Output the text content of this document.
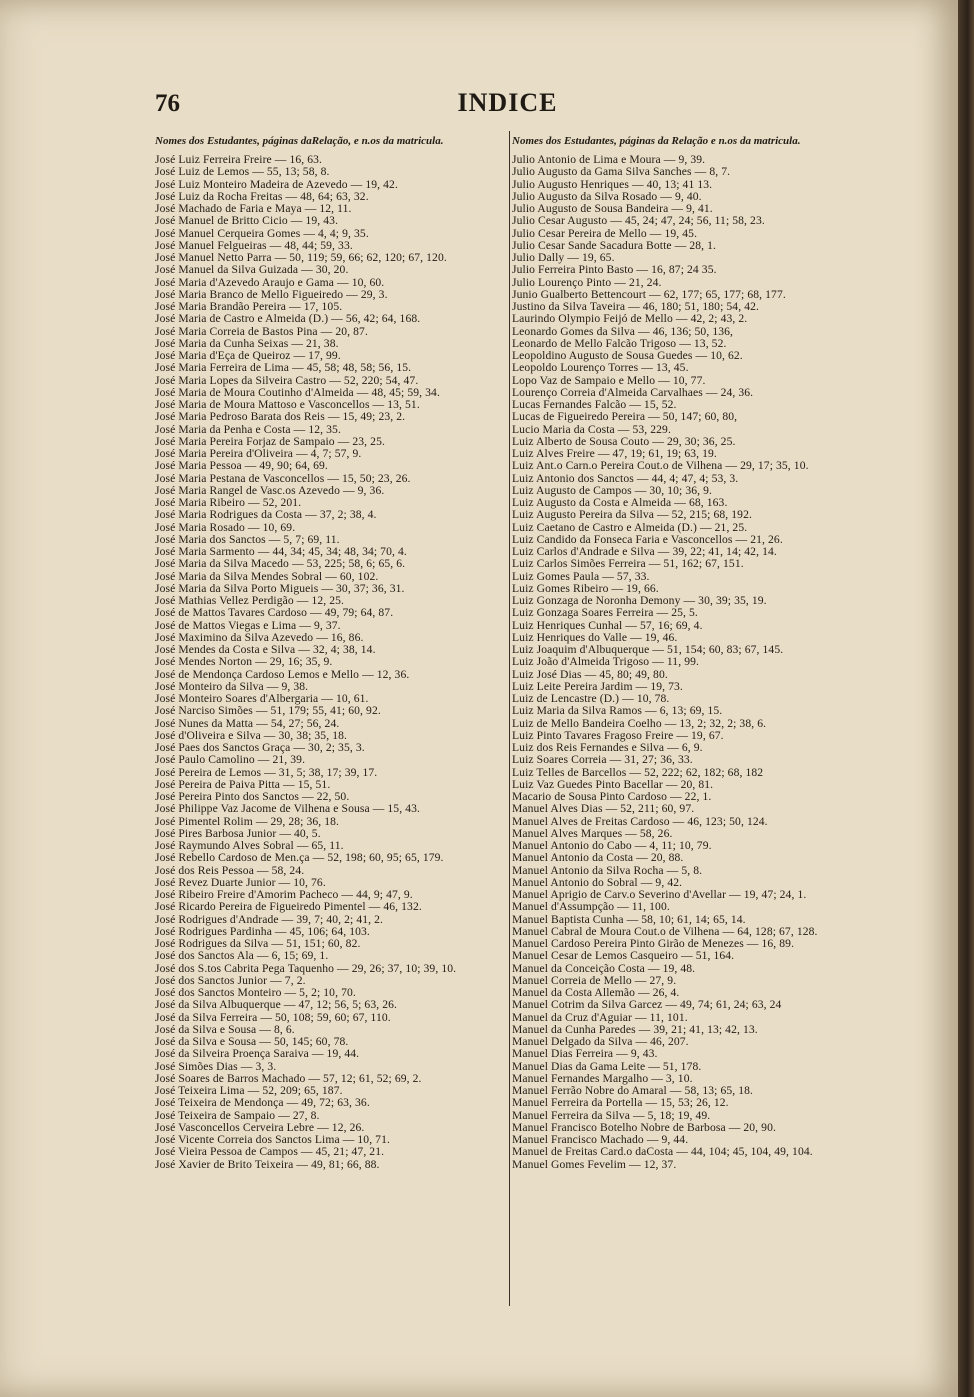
76	INDICE
Nomes dos Estudantes, páginas daRelação, e n.os da matricula.
José Luiz Ferreira Freire — 16, 63.
José Luiz de Lemos — 55, 13; 58, 8.
José Luiz Monteiro Madeira de Azevedo — 19, 42.
José Luiz da Rocha Freitas — 48, 64; 63, 32.
José Machado de Faria e Maya — 12, 11.
José Manuel de Britto Cicio — 19, 43.
José Manuel Cerqueira Gomes — 4, 4; 9, 35.
José Manuel Felgueiras — 48, 44; 59, 33.
José Manuel Netto Parra — 50, 119; 59, 66; 62, 120; 67, 120.
José Manuel da Silva Guizada — 30, 20.
José Maria d'Azevedo Araujo e Gama — 10, 60.
José Maria Branco de Mello Figueiredo — 29, 3.
José Maria Brandão Pereira — 17, 105.
José Maria de Castro e Almeida (D.) — 56, 42; 64, 168.
José Maria Correia de Bastos Pina — 20, 87.
José Maria da Cunha Seixas — 21, 38.
José Maria d'Eça de Queiroz — 17, 99.
José Maria Ferreira de Lima — 45, 58; 48, 58; 56, 15.
José Maria Lopes da Silveira Castro — 52, 220; 54, 47.
José Maria de Moura Coutinho d'Almeida — 48, 45; 59, 34.
José Maria de Moura Mattoso e Vasconcellos — 13, 51.
José Maria Pedroso Barata dos Reis — 15, 49; 23, 2.
José Maria da Penha e Costa — 12, 35.
José Maria Pereira Forjaz de Sampaio — 23, 25.
José Maria Pereira d'Oliveira — 4, 7; 57, 9.
José Maria Pessoa — 49, 90; 64, 69.
José Maria Pestana de Vasconcellos — 15, 50; 23, 26.
José Maria Rangel de Vasc.os Azevedo — 9, 36.
José Maria Ribeiro — 52, 201.
José Maria Rodrigues da Costa — 37, 2; 38, 4.
José Maria Rosado — 10, 69.
José Maria dos Sanctos — 5, 7; 69, 11.
José Maria Sarmento — 44, 34; 45, 34; 48, 34; 70, 4.
José Maria da Silva Macedo — 53, 225; 58, 6; 65, 6.
José Maria da Silva Mendes Sobral — 60, 102.
José Maria da Silva Porto Migueis — 30, 37; 36, 31.
José Mathias Vellez Perdigão — 12, 25.
José de Mattos Tavares Cardoso — 49, 79; 64, 87.
José de Mattos Viegas e Lima — 9, 37.
José Maximino da Silva Azevedo — 16, 86.
José Mendes da Costa e Silva — 32, 4; 38, 14.
José Mendes Norton — 29, 16; 35, 9.
José de Mendonça Cardoso Lemos e Mello — 12, 36.
José Monteiro da Silva — 9, 38.
José Monteiro Soares d'Albergaria — 10, 61.
José Narciso Simões — 51, 179; 55, 41; 60, 92.
José Nunes da Matta — 54, 27; 56, 24.
José d'Oliveira e Silva — 30, 38; 35, 18.
José Paes dos Sanctos Graça — 30, 2; 35, 3.
José Paulo Camolino — 21, 39.
José Pereira de Lemos — 31, 5; 38, 17; 39, 17.
José Pereira de Paiva Pitta — 15, 51.
José Pereira Pinto dos Sanctos — 22, 50.
José Philippe Vaz Jacome de Vilhena e Sousa — 15, 43.
José Pimentel Rolim — 29, 28; 36, 18.
José Pires Barbosa Junior — 40, 5.
José Raymundo Alves Sobral — 65, 11.
José Rebello Cardoso de Men.ça — 52, 198; 60, 95; 65, 179.
José dos Reis Pessoa — 58, 24.
José Revez Duarte Junior — 10, 76.
José Ribeiro Freire d'Amorim Pacheco — 44, 9; 47, 9.
José Ricardo Pereira de Figueiredo Pimentel — 46, 132.
José Rodrigues d'Andrade — 39, 7; 40, 2; 41, 2.
José Rodrigues Pardinha — 45, 106; 64, 103.
José Rodrigues da Silva — 51, 151; 60, 82.
José dos Sanctos Ala — 6, 15; 69, 1.
José dos S.tos Cabrita Pega Taquenho — 29, 26; 37, 10; 39, 10.
José dos Sanctos Junior — 7, 2.
José dos Sanctos Monteiro — 5, 2; 10, 70.
José da Silva Albuquerque — 47, 12; 56, 5; 63, 26.
José da Silva Ferreira — 50, 108; 59, 60; 67, 110.
José da Silva e Sousa — 8, 6.
José da Silva e Sousa — 50, 145; 60, 78.
José da Silveira Proença Saraiva — 19, 44.
José Simões Dias — 3, 3.
José Soares de Barros Machado — 57, 12; 61, 52; 69, 2.
José Teixeira Lima — 52, 209; 65, 187.
José Teixeira de Mendonça — 49, 72; 63, 36.
José Teixeira de Sampaio — 27, 8.
José Vasconcellos Cerveira Lebre — 12, 26.
José Vicente Correia dos Sanctos Lima — 10, 71.
José Vieira Pessoa de Campos — 45, 21; 47, 21.
José Xavier de Brito Teixeira — 49, 81; 66, 88.
Nomes dos Estudantes, páginas da Relação e n.os da matricula.
Julio Antonio de Lima e Moura — 9, 39.
Julio Augusto da Gama Silva Sanches — 8, 7.
Julio Augusto Henriques — 40, 13; 41 13.
Julio Augusto da Silva Rosado — 9, 40.
Julio Augusto de Sousa Bandeira — 9, 41.
Julio Cesar Augusto — 45, 24; 47, 24; 56, 11; 58, 23.
Julio Cesar Pereira de Mello — 19, 45.
Julio Cesar Sande Sacadura Botte — 28, 1.
Julio Dally — 19, 65.
Julio Ferreira Pinto Basto — 16, 87; 24 35.
Julio Lourenço Pinto — 21, 24.
Junio Gualberto Bettencourt — 62, 177; 65, 177; 68, 177.
Justino da Silva Taveira — 46, 180; 51, 180; 54, 42.
Laurindo Olympio Feijó de Mello — 42, 2; 43, 2.
Leonardo Gomes da Silva — 46, 136; 50, 136,
Leonardo de Mello Falcão Trigoso — 13, 52.
Leopoldino Augusto de Sousa Guedes — 10, 62.
Leopoldo Lourenço Torres — 13, 45.
Lopo Vaz de Sampaio e Mello — 10, 77.
Lourenço Correia d'Almeida Carvalhaes — 24, 36.
Lucas Fernandes Falcão — 15, 52.
Lucas de Figueiredo Pereira — 50, 147; 60, 80,
Lucio Maria da Costa — 53, 229.
Luiz Alberto de Sousa Couto — 29, 30; 36, 25.
Luiz Alves Freire — 47, 19; 61, 19; 63, 19.
Luiz Ant.o Carn.o Pereira Cout.o de Vilhena — 29, 17; 35, 10.
Luiz Antonio dos Sanctos — 44, 4; 47, 4; 53, 3.
Luiz Augusto de Campos — 30, 10; 36, 9.
Luiz Augusto da Costa e Almeida — 68, 163.
Luiz Augusto Pereira da Silva — 52, 215; 68, 192.
Luiz Caetano de Castro e Almeida (D.) — 21, 25.
Luiz Candido da Fonseca Faria e Vasconcellos — 21, 26.
Luiz Carlos d'Andrade e Silva — 39, 22; 41, 14; 42, 14.
Luiz Carlos Simões Ferreira — 51, 162; 67, 151.
Luiz Gomes Paula — 57, 33.
Luiz Gomes Ribeiro — 19, 66.
Luiz Gonzaga de Noronha Demony — 30, 39; 35, 19.
Luiz Gonzaga Soares Ferreira — 25, 5.
Luiz Henriques Cunhal — 57, 16; 69, 4.
Luiz Henriques do Valle — 19, 46.
Luiz Joaquim d'Albuquerque — 51, 154; 60, 83; 67, 145.
Luiz João d'Almeida Trigoso — 11, 99.
Luiz José Dias — 45, 80; 49, 80.
Luiz Leite Pereira Jardim — 19, 73.
Luiz de Lencastre (D.) — 10, 78.
Luiz Maria da Silva Ramos — 6, 13; 69, 15.
Luiz de Mello Bandeira Coelho — 13, 2; 32, 2; 38, 6.
Luiz Pinto Tavares Fragoso Freire — 19, 67.
Luiz dos Reis Fernandes e Silva — 6, 9.
Luiz Soares Correia — 31, 27; 36, 33.
Luiz Telles de Barcellos — 52, 222; 62, 182; 68, 182
Luiz Vaz Guedes Pinto Bacellar — 20, 81.
Macario de Sousa Pinto Cardoso — 22, 1.
Manuel Alves Dias — 52, 211; 60, 97.
Manuel Alves de Freitas Cardoso — 46, 123; 50, 124.
Manuel Alves Marques — 58, 26.
Manuel Antonio do Cabo — 4, 11; 10, 79.
Manuel Antonio da Costa — 20, 88.
Manuel Antonio da Silva Rocha — 5, 8.
Manuel Antonio do Sobral — 9, 42.
Manuel Aprigio de Carv.o Severino d'Avellar — 19, 47; 24, 1.
Manuel d'Assumpção — 11, 100.
Manuel Baptista Cunha — 58, 10; 61, 14; 65, 14.
Manuel Cabral de Moura Cout.o de Vilhena — 64, 128; 67, 128.
Manuel Cardoso Pereira Pinto Girão de Menezes — 16, 89.
Manuel Cesar de Lemos Casqueiro — 51, 164.
Manuel da Conceição Costa — 19, 48.
Manuel Correia de Mello — 27, 9.
Manuel da Costa Allemão — 26, 4.
Manuel Cotrim da Silva Garcez — 49, 74; 61, 24; 63, 24
Manuel da Cruz d'Aguiar — 11, 101.
Manuel da Cunha Paredes — 39, 21; 41, 13; 42, 13.
Manuel Delgado da Silva — 46, 207.
Manuel Dias Ferreira — 9, 43.
Manuel Dias da Gama Leite — 51, 178.
Manuel Fernandes Margalho — 3, 10.
Manuel Ferrão Nobre do Amaral — 58, 13; 65, 18.
Manuel Ferreira da Portella — 15, 53; 26, 12.
Manuel Ferreira da Silva — 5, 18; 19, 49.
Manuel Francisco Botelho Nobre de Barbosa — 20, 90.
Manuel Francisco Machado — 9, 44.
Manuel de Freitas Card.o daCosta — 44, 104; 45, 104, 49, 104.
Manuel Gomes Fevelim — 12, 37.
